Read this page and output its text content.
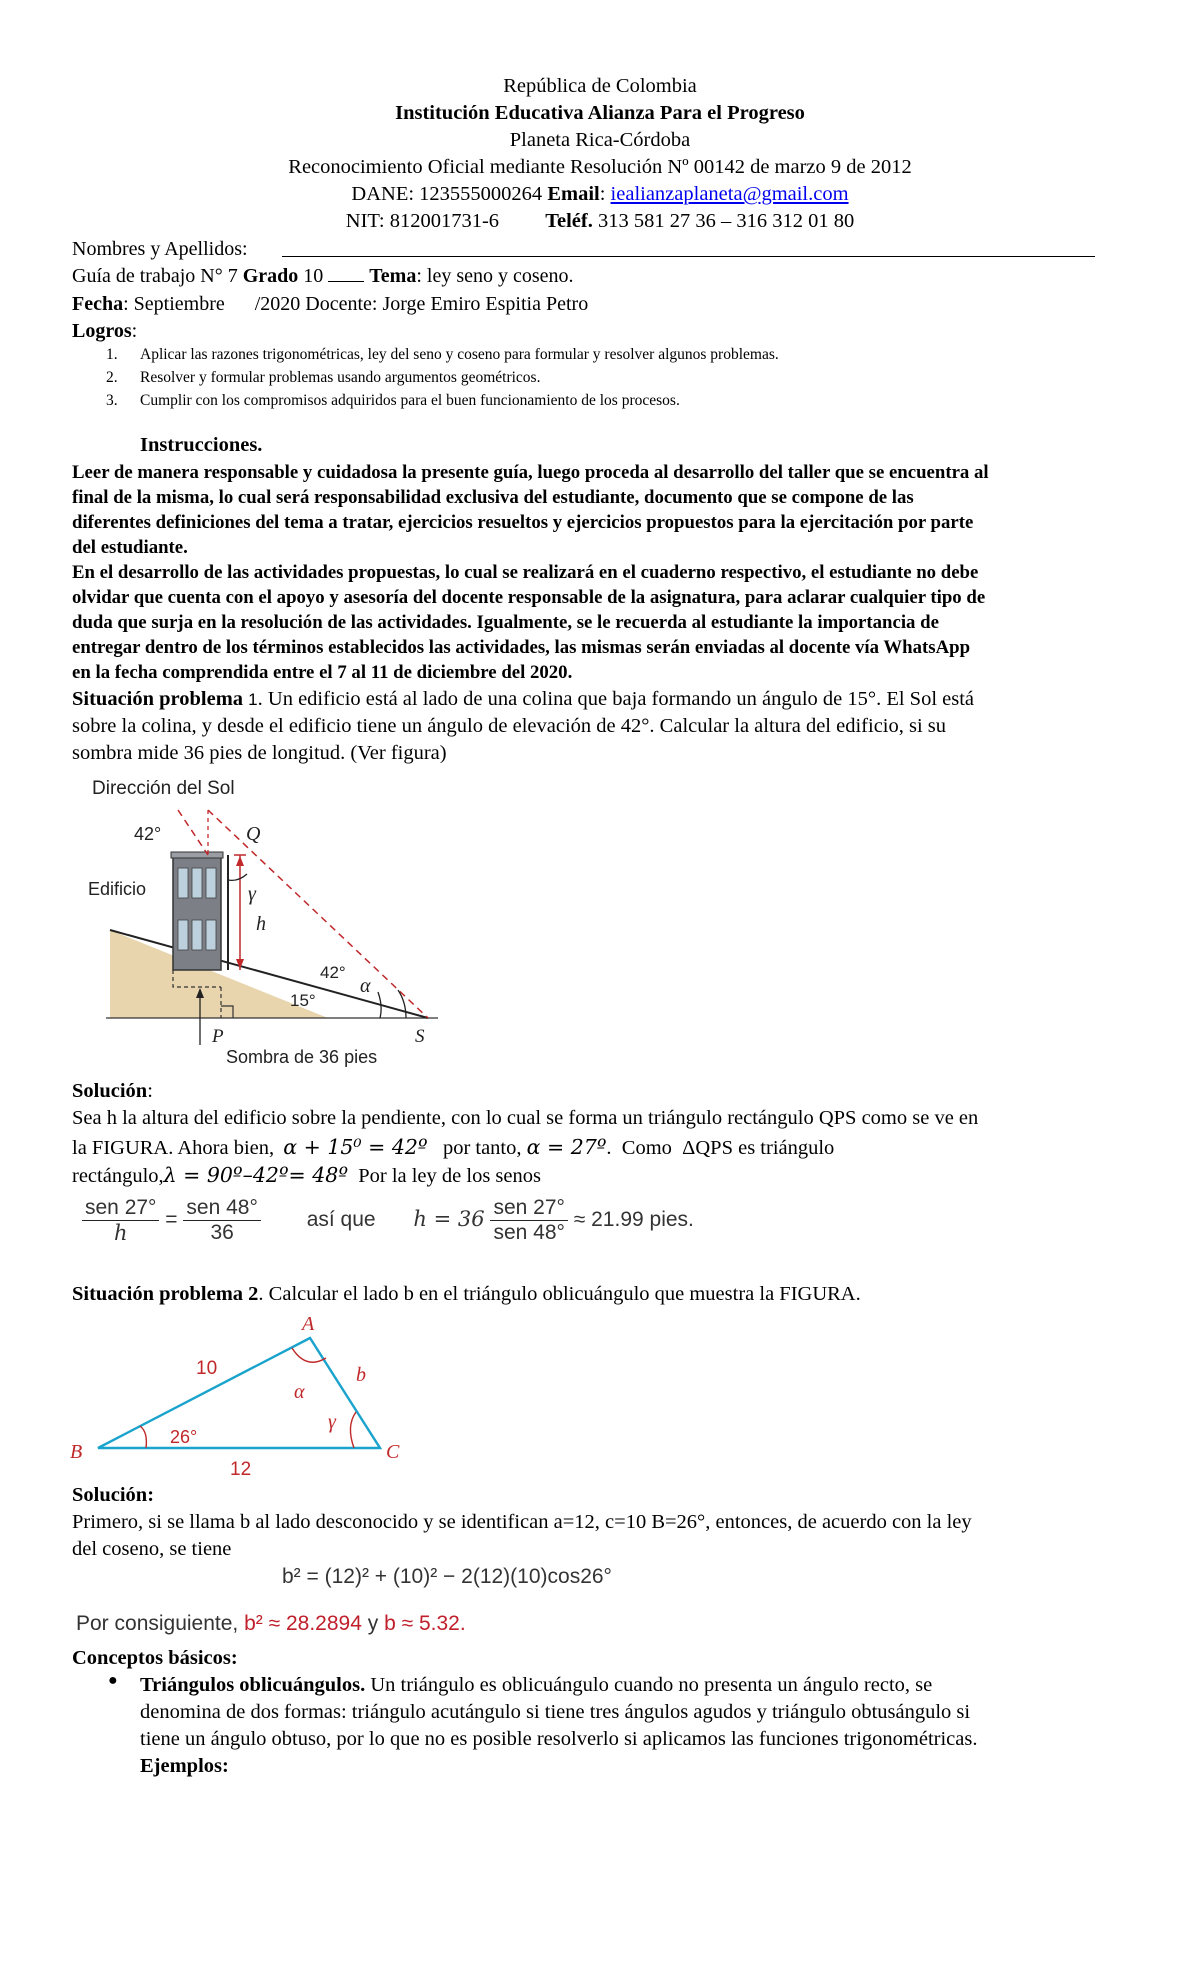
República de Colombia
Institución Educativa Alianza Para el Progreso
Planeta Rica-Córdoba
Reconocimiento Oficial mediante Resolución Nº 00142 de marzo 9 de 2012
DANE: 123555000264 Email: iealianzaplaneta@gmail.com
NIT: 812001731-6 Teléf. 313 581 27 36 – 316 312 01 80
Nombres y Apellidos:
Guía de trabajo N° 7 Grado 10 Tema: ley seno y coseno.
Fecha: Septiembre      /2020 Docente: Jorge Emiro Espitia Petro
Logros:
1. Aplicar las razones trigonométricas, ley del seno y coseno para formular y resolver algunos problemas.
2. Resolver y formular problemas usando argumentos geométricos.
3. Cumplir con los compromisos adquiridos para el buen funcionamiento de los procesos.
Instrucciones.
Leer de manera responsable y cuidadosa la presente guía, luego proceda al desarrollo del taller que se encuentra al
final de la misma, lo cual será responsabilidad exclusiva del estudiante, documento que se compone de las
diferentes definiciones del tema a tratar, ejercicios resueltos y ejercicios propuestos para la ejercitación por parte
del estudiante.
En el desarrollo de las actividades propuestas, lo cual se realizará en el cuaderno respectivo, el estudiante no debe
olvidar que cuenta con el apoyo y asesoría del docente responsable de la asignatura, para aclarar cualquier tipo de
duda que surja en la resolución de las actividades. Igualmente, se le recuerda al estudiante la importancia de
entregar dentro de los términos establecidos las actividades, las mismas serán enviadas al docente vía WhatsApp
en la fecha comprendida entre el 7 al 11 de diciembre del 2020.
Situación problema 1. Un edificio está al lado de una colina que baja formando un ángulo de 15°. El Sol está
sobre la colina, y desde el edificio tiene un ángulo de elevación de 42°. Calcular la altura del edificio, si su
sombra mide 36 pies de longitud. (Ver figura)
Dirección del Sol
42°	Q
Edificio	γ
h
42°
α
15°
P	S
Sombra de 36 pies
Solución:
Sea h la altura del edificio sobre la pendiente, con lo cual se forma un triángulo rectángulo QPS como se ve en
la FIGURA. Ahora bien, α + 15⁰ = 42º por tanto, α = 27º.  Como ΔQPS es triángulo
rectángulo,λ = 90º–42º= 48º Por la ley de los senos
$\frac{\text{sen 27°}}{h} = \frac{\text{sen 48°}}{36}$ así que $h = 36 \frac{\text{sen 27°}}{\text{sen 48°}} \approx 21.99$ pies.
Situación problema 2. Calcular el lado b en el triángulo oblicuángulo que muestra la FIGURA.
A
B	C
10
12
b
26°
α
γ
Solución:
Primero, si se llama b al lado desconocido y se identifican a=12, c=10 B=26°, entonces, de acuerdo con la ley
del coseno, se tiene
b² = (12)² + (10)² − 2(12)(10)cos26°
Por consiguiente, b² ≈ 28.2894 y b ≈ 5.32.
Conceptos básicos:
● Triángulos oblicuángulos. Un triángulo es oblicuángulo cuando no presenta un ángulo recto, se
denomina de dos formas: triángulo acutángulo si tiene tres ángulos agudos y triángulo obtusángulo si
tiene un ángulo obtuso, por lo que no es posible resolverlo si aplicamos las funciones trigonométricas.
Ejemplos:
